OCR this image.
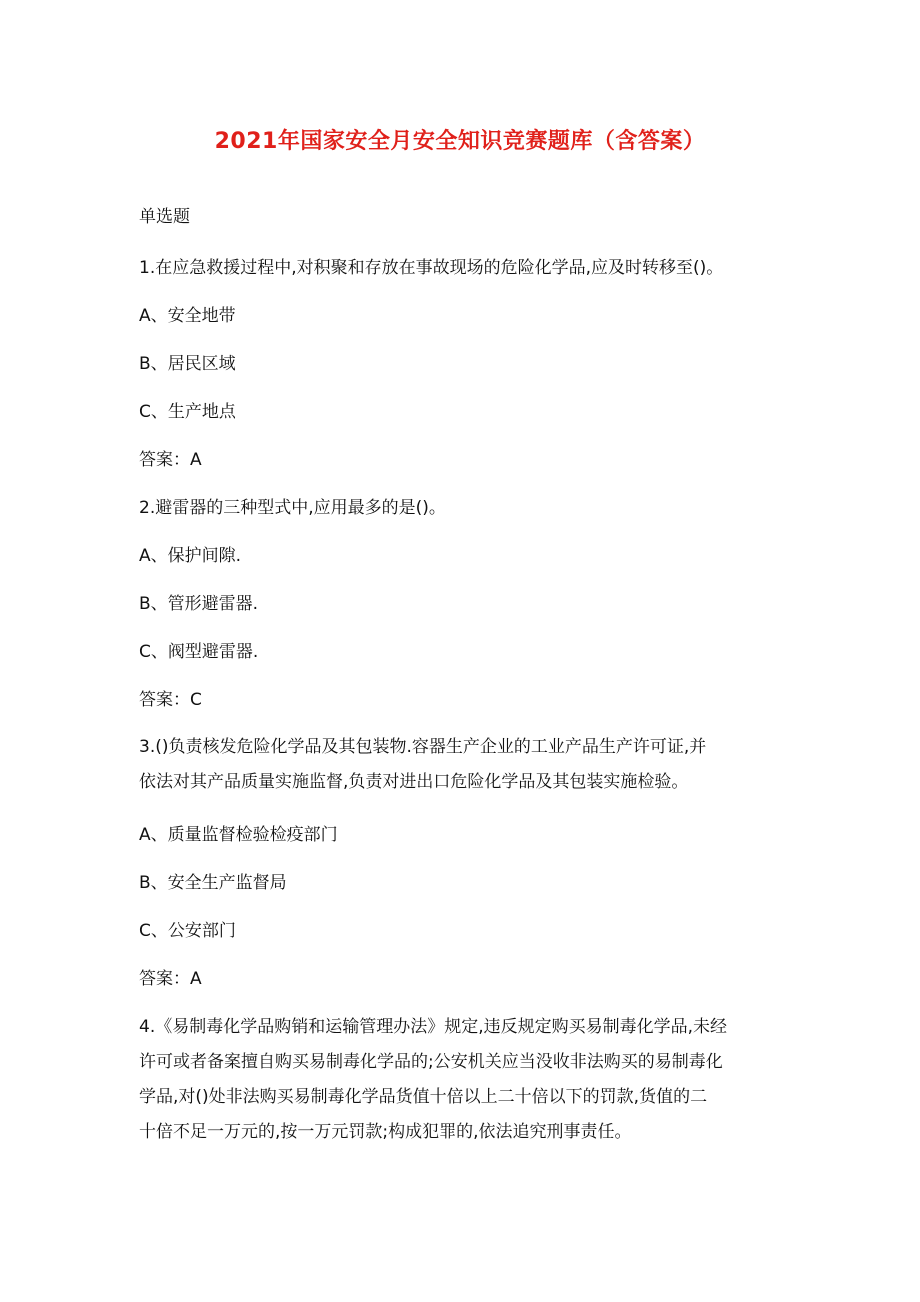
2021年国家安全月安全知识竞赛题库（含答案）
单选题
1.在应急救援过程中,对积聚和存放在事故现场的危险化学品,应及时转移至()。
A、安全地带
B、居民区域
C、生产地点
答案：A
2.避雷器的三种型式中,应用最多的是()。
A、保护间隙.
B、管形避雷器.
C、阀型避雷器.
答案：C
3.()负责核发危险化学品及其包装物.容器生产企业的工业产品生产许可证,并
依法对其产品质量实施监督,负责对进出口危险化学品及其包装实施检验。
A、质量监督检验检疫部门
B、安全生产监督局
C、公安部门
答案：A
4.《易制毒化学品购销和运输管理办法》规定,违反规定购买易制毒化学品,未经
许可或者备案擅自购买易制毒化学品的;公安机关应当没收非法购买的易制毒化
学品,对()处非法购买易制毒化学品货值十倍以上二十倍以下的罚款,货值的二
十倍不足一万元的,按一万元罚款;构成犯罪的,依法追究刑事责任。
